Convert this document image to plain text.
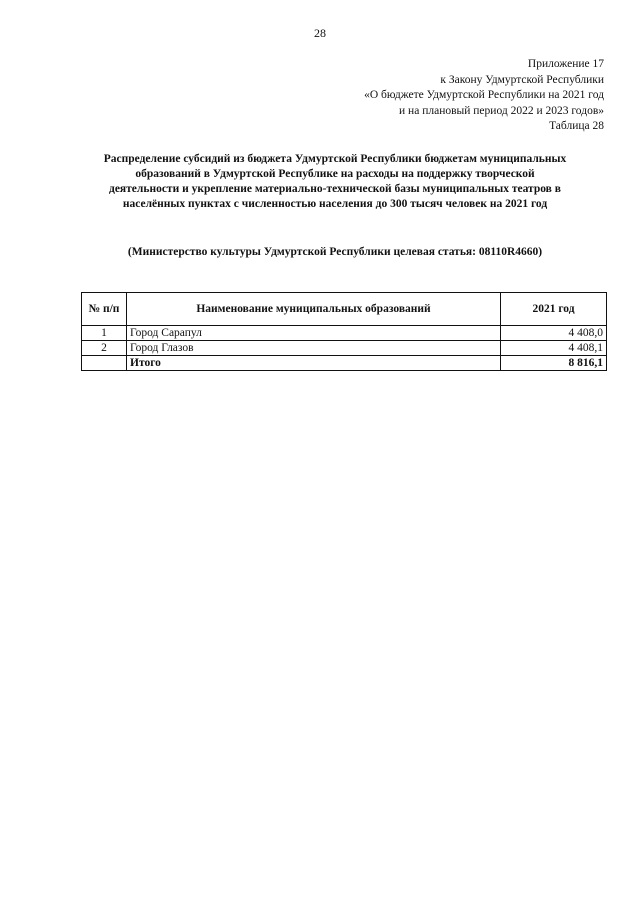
28
Приложение 17
к Закону Удмуртской Республики
«О бюджете Удмуртской Республики на 2021 год
и на плановый период 2022 и 2023 годов»
Таблица 28
Распределение субсидий из бюджета Удмуртской Республики бюджетам муниципальных
образований в Удмуртской Республике на расходы на поддержку творческой
деятельности и укрепление материально-технической базы муниципальных театров в
населённых пунктах с численностью населения до 300 тысяч человек на 2021 год
(Министерство культуры Удмуртской Республики целевая статья: 08110R4660)
№ п/п	Наименование муниципальных образований	2021 год
1	Город Сарапул	4 408,0
2	Город Глазов	4 408,1
	Итого	8 816,1
